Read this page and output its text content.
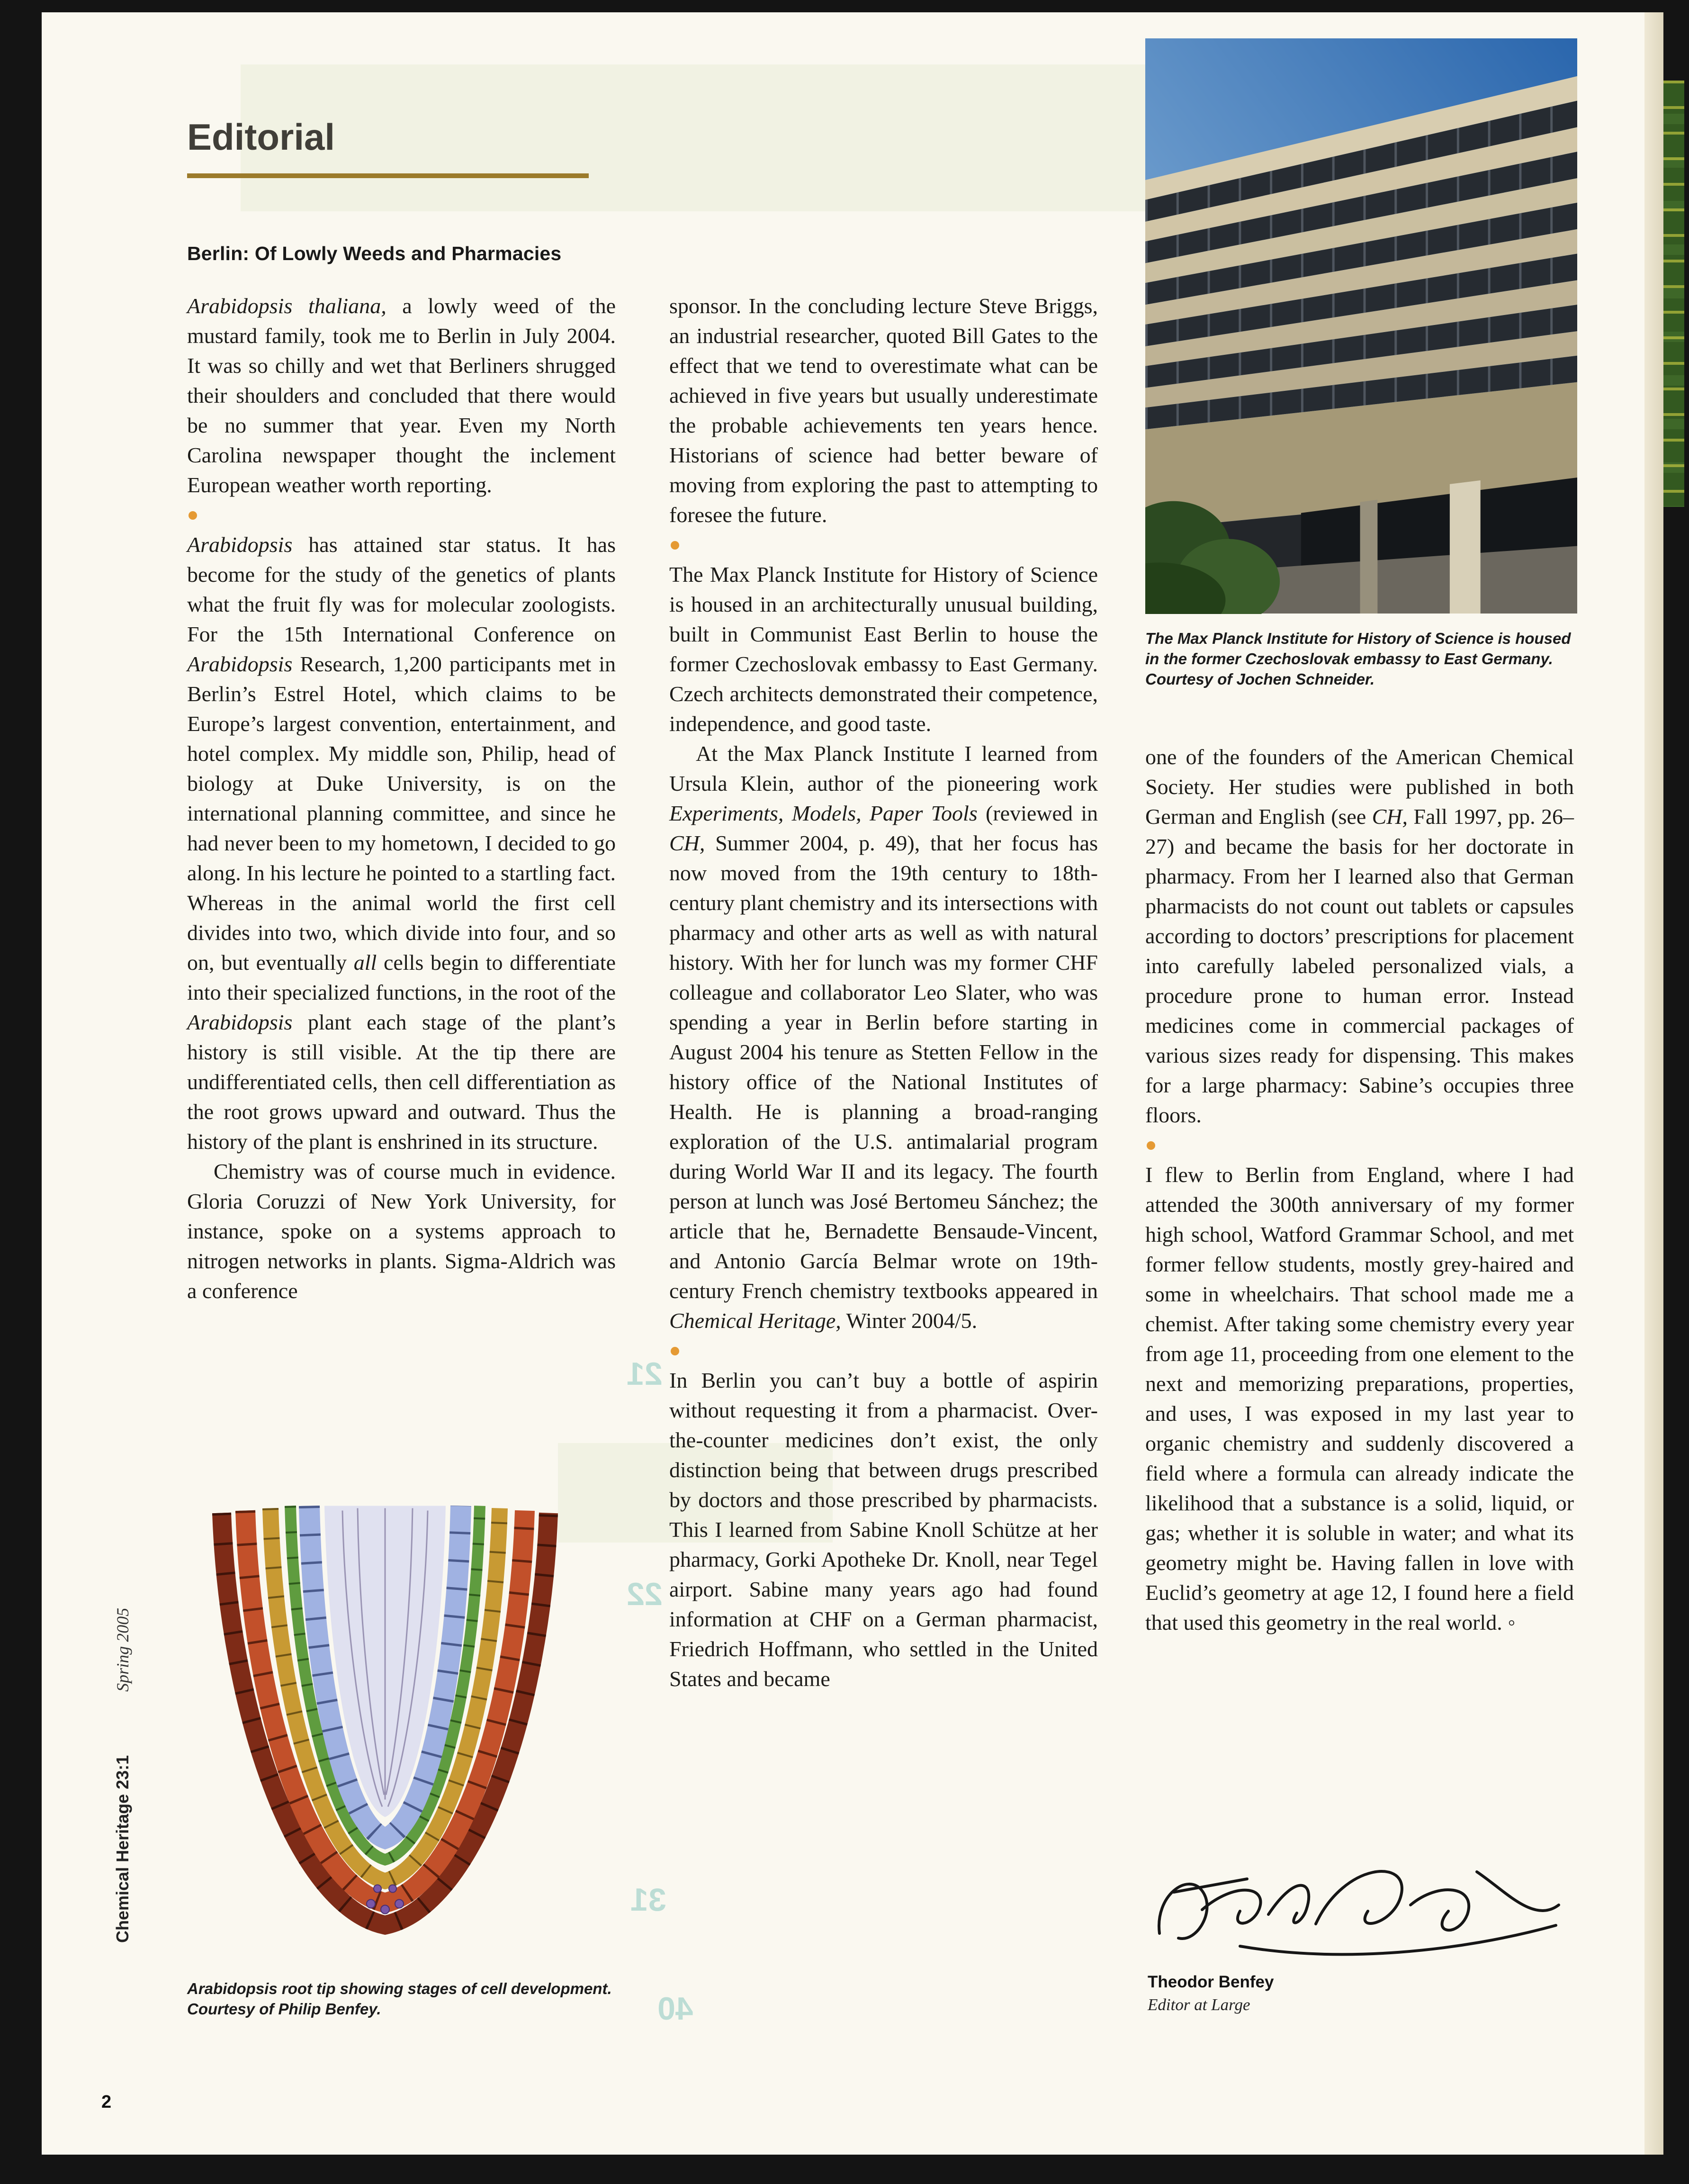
21
22
31
40
Editorial
Berlin: Of Lowly Weeds and Pharmacies

Arabidopsis thaliana, a lowly weed of the mustard family, took me to Berlin in July 2004. It was so chilly and wet that Berliners shrugged their shoulders and concluded that there would be no summer that year. Even my North Carolina newspaper thought the inclement European weather worth reporting.

Arabidopsis has attained star status. It has become for the study of the genetics of plants what the fruit fly was for molecular zoologists. For the 15th International Conference on Arabidopsis Research, 1,200 participants met in Berlin’s Estrel Hotel, which claims to be Europe’s largest convention, entertainment, and hotel complex. My middle son, Philip, head of biology at Duke University, is on the international planning committee, and since he had never been to my hometown, I decided to go along. In his lecture he pointed to a startling fact. Whereas in the animal world the first cell divides into two, which divide into four, and so on, but eventually all cells begin to differentiate into their specialized functions, in the root of the Arabidopsis plant each stage of the plant’s history is still visible. At the tip there are undifferentiated cells, then cell differentiation as the root grows upward and outward. Thus the history of the plant is enshrined in its structure.

Chemistry was of course much in evidence. Gloria Coruzzi of New York University, for instance, spoke on a systems approach to nitrogen networks in plants. Sigma-Aldrich was a conference

sponsor. In the concluding lecture Steve Briggs, an industrial researcher, quoted Bill Gates to the effect that we tend to overestimate what can be achieved in five years but usually underestimate the probable achievements ten years hence. Historians of science had better beware of moving from exploring the past to attempting to foresee the future.

The Max Planck Institute for History of Science is housed in an architecturally unusual building, built in Communist East Berlin to house the former Czechoslovak embassy to East Germany. Czech architects demonstrated their competence, independence, and good taste.

At the Max Planck Institute I learned from Ursula Klein, author of the pioneering work Experiments, Models, Paper Tools (reviewed in CH, Summer 2004, p. 49), that her focus has now moved from the 19th century to 18th-century plant chemistry and its intersections with pharmacy and other arts as well as with natural history. With her for lunch was my former CHF colleague and collaborator Leo Slater, who was spending a year in Berlin before starting in August 2004 his tenure as Stetten Fellow in the history office of the National Institutes of Health. He is planning a broad-ranging exploration of the U.S. antimalarial program during World War II and its legacy. The fourth person at lunch was José Bertomeu Sánchez; the article that he, Bernadette Bensaude-Vincent, and Antonio García Belmar wrote on 19th-century French chemistry textbooks appeared in Chemical Heritage, Winter 2004/5.

In Berlin you can’t buy a bottle of aspirin without requesting it from a pharmacist. Over-the-counter medicines don’t exist, the only distinction being that between drugs prescribed by doctors and those prescribed by pharmacists. This I learned from Sabine Knoll Schütze at her pharmacy, Gorki Apotheke Dr. Knoll, near Tegel airport. Sabine many years ago had found information at CHF on a German pharmacist, Friedrich Hoffmann, who settled in the United States and became

one of the founders of the American Chemical Society. Her studies were published in both German and English (see CH, Fall 1997, pp. 26–27) and became the basis for her doctorate in pharmacy. From her I learned also that German pharmacists do not count out tablets or capsules according to doctors’ prescriptions for placement into carefully labeled personalized vials, a procedure prone to human error. Instead medicines come in commercial packages of various sizes ready for dispensing. This makes for a large pharmacy: Sabine’s occupies three floors.

I flew to Berlin from England, where I had attended the 300th anniversary of my former high school, Watford Grammar School, and met former fellow students, mostly grey-haired and some in wheelchairs. That school made me a chemist. After taking some chemistry every year from age 11, proceeding from one element to the next and memorizing preparations, properties, and uses, I was exposed in my last year to organic chemistry and suddenly discovered a field where a formula can already indicate the likelihood that a substance is a solid, liquid, or gas; whether it is soluble in water; and what its geometry might be. Having fallen in love with Euclid’s geometry at age 12, I found here a field that used this geometry in the real world. ◦

The Max Planck Institute for History of Science is housed in the former Czechoslovak embassy to East Germany. Courtesy of Jochen Schneider.
Arabidopsis root tip showing stages of cell development. Courtesy of Philip Benfey.
Chemical Heritage 23:1 Spring 2005
2
Theodor Benfey
Editor at Large
